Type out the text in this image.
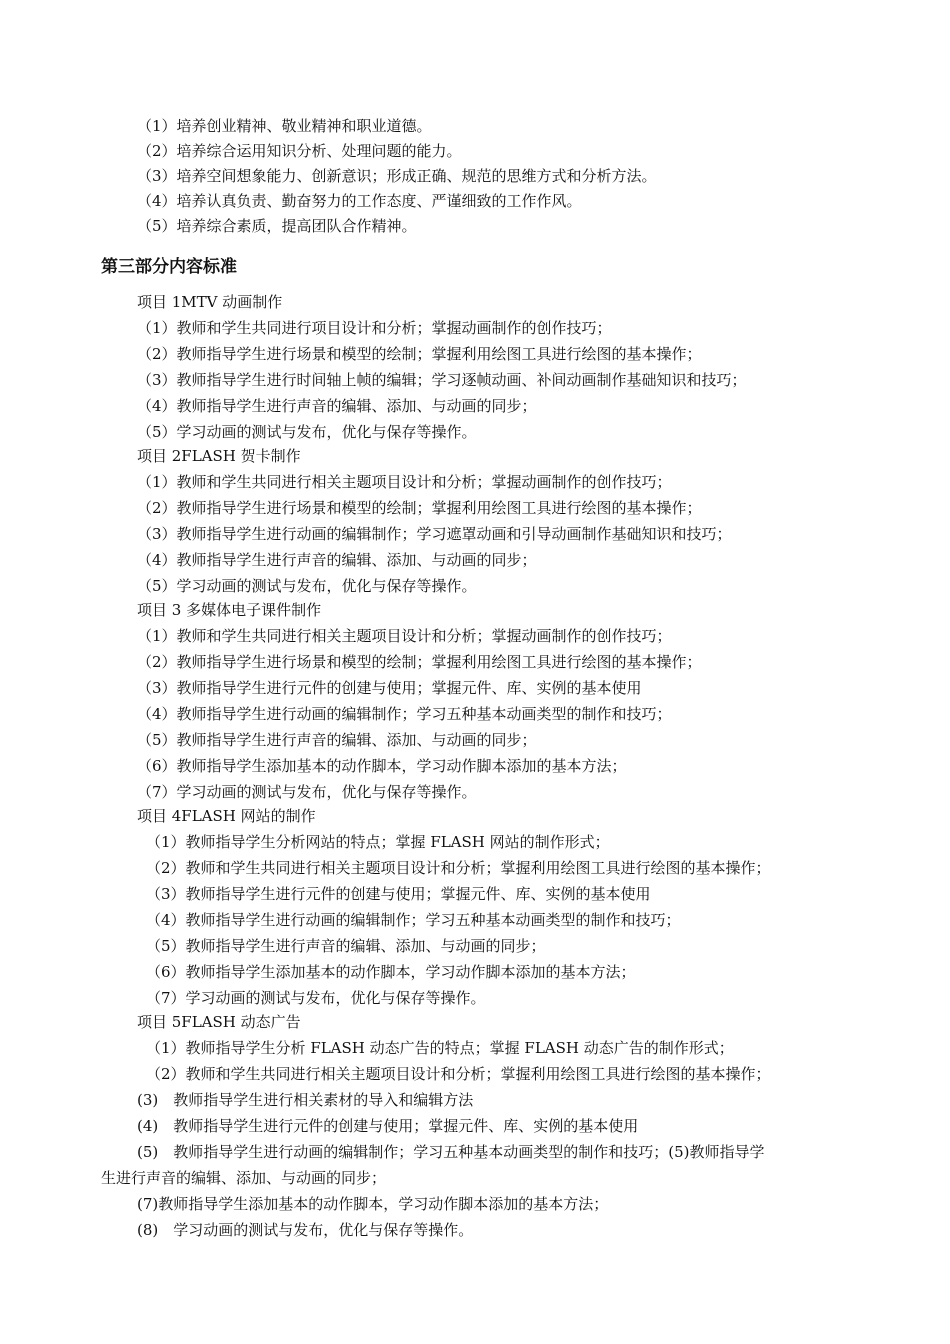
（1）培养创业精神、敬业精神和职业道德。
（2）培养综合运用知识分析、处理问题的能力。
（3）培养空间想象能力、创新意识；形成正确、规范的思维方式和分析方法。
（4）培养认真负责、勤奋努力的工作态度、严谨细致的工作作风。
（5）培养综合素质，提高团队合作精神。
第三部分内容标准
项目 1MTV 动画制作
（1）教师和学生共同进行项目设计和分析；掌握动画制作的创作技巧；
（2）教师指导学生进行场景和模型的绘制；掌握利用绘图工具进行绘图的基本操作；
（3）教师指导学生进行时间轴上帧的编辑；学习逐帧动画、补间动画制作基础知识和技巧；
（4）教师指导学生进行声音的编辑、添加、与动画的同步；
（5）学习动画的测试与发布，优化与保存等操作。
项目 2FLASH 贺卡制作
（1）教师和学生共同进行相关主题项目设计和分析；掌握动画制作的创作技巧；
（2）教师指导学生进行场景和模型的绘制；掌握利用绘图工具进行绘图的基本操作；
（3）教师指导学生进行动画的编辑制作；学习遮罩动画和引导动画制作基础知识和技巧；
（4）教师指导学生进行声音的编辑、添加、与动画的同步；
（5）学习动画的测试与发布，优化与保存等操作。
项目 3 多媒体电子课件制作
（1）教师和学生共同进行相关主题项目设计和分析；掌握动画制作的创作技巧；
（2）教师指导学生进行场景和模型的绘制；掌握利用绘图工具进行绘图的基本操作；
（3）教师指导学生进行元件的创建与使用；掌握元件、库、实例的基本使用
（4）教师指导学生进行动画的编辑制作；学习五种基本动画类型的制作和技巧；
（5）教师指导学生进行声音的编辑、添加、与动画的同步；
（6）教师指导学生添加基本的动作脚本，学习动作脚本添加的基本方法；
（7）学习动画的测试与发布，优化与保存等操作。
项目 4FLASH 网站的制作
（1）教师指导学生分析网站的特点；掌握 FLASH 网站的制作形式；
（2）教师和学生共同进行相关主题项目设计和分析；掌握利用绘图工具进行绘图的基本操作；
（3）教师指导学生进行元件的创建与使用；掌握元件、库、实例的基本使用
（4）教师指导学生进行动画的编辑制作；学习五种基本动画类型的制作和技巧；
（5）教师指导学生进行声音的编辑、添加、与动画的同步；
（6）教师指导学生添加基本的动作脚本，学习动作脚本添加的基本方法；
（7）学习动画的测试与发布，优化与保存等操作。
项目 5FLASH 动态广告
（1）教师指导学生分析 FLASH 动态广告的特点；掌握 FLASH 动态广告的制作形式；
（2）教师和学生共同进行相关主题项目设计和分析；掌握利用绘图工具进行绘图的基本操作；
(3)　教师指导学生进行相关素材的导入和编辑方法
(4)　教师指导学生进行元件的创建与使用；掌握元件、库、实例的基本使用
(5)　教师指导学生进行动画的编辑制作；学习五种基本动画类型的制作和技巧；(5)教师指导学
生进行声音的编辑、添加、与动画的同步；
(7)教师指导学生添加基本的动作脚本，学习动作脚本添加的基本方法；
(8)　学习动画的测试与发布，优化与保存等操作。
